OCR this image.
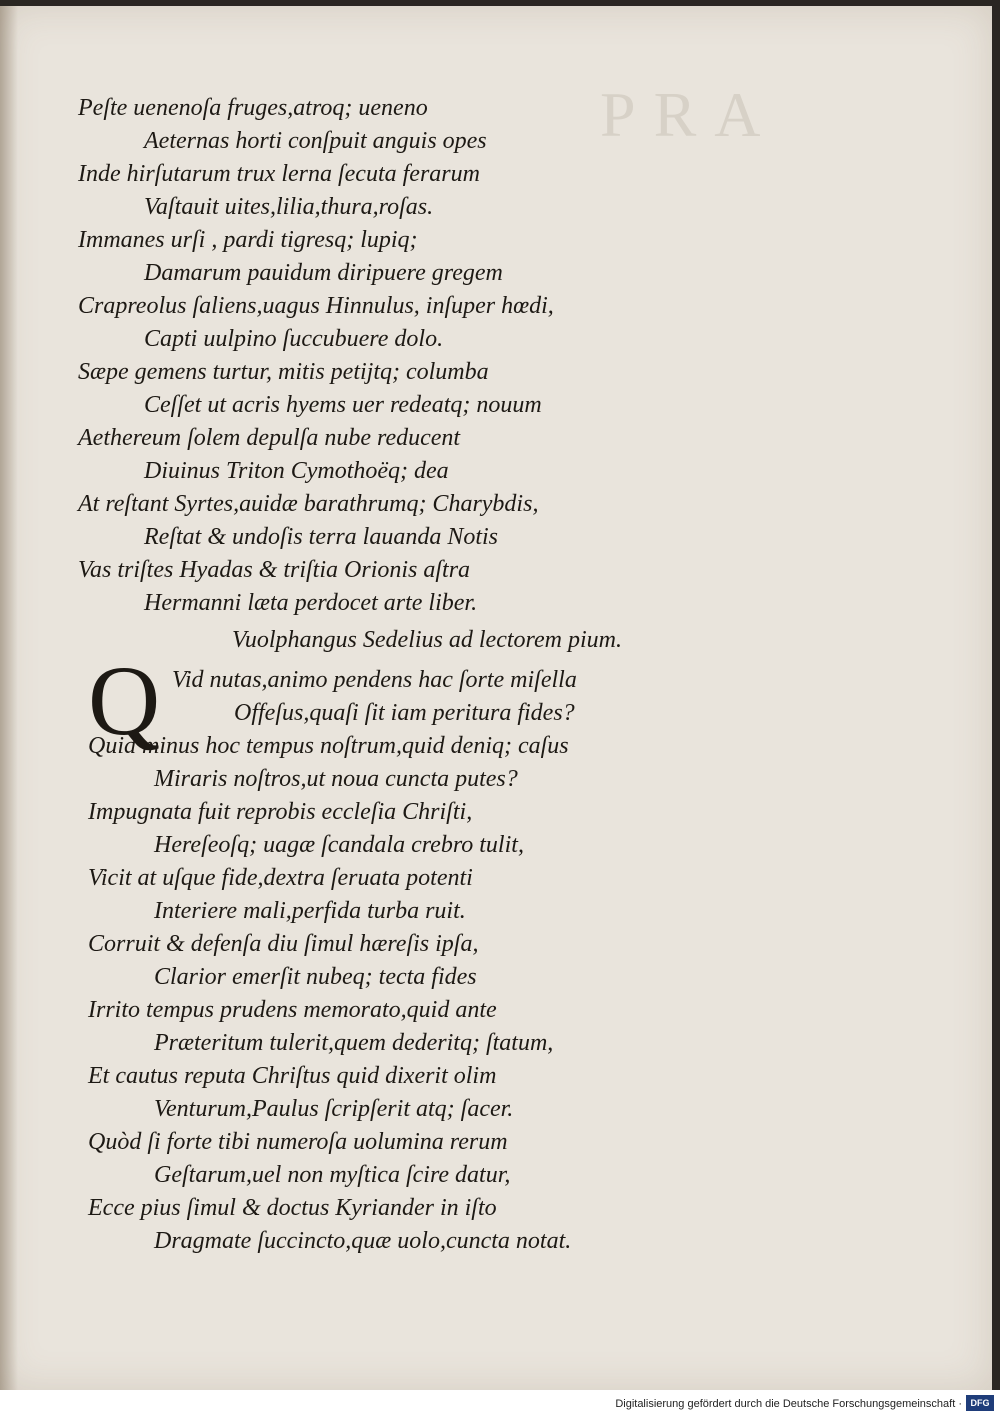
PRA
Peſte uenenoſa fruges,atroq; ueneno
Aeternas horti conſpuit anguis opes
Inde hirſutarum trux lerna ſecuta ferarum
Vaſtauit uites,lilia,thura,roſas.
Immanes urſi , pardi tigresq; lupiq;
Damarum pauidum diripuere gregem
Crapreolus ſaliens,uagus Hinnulus, inſuper hœdi,
Capti uulpino ſuccubuere dolo.
Sæpe gemens turtur, mitis petijtq; columba
Ceſſet ut acris hyems uer redeatq; nouum
Aethereum ſolem depulſa nube reducent
Diuinus Triton Cymothoëq; dea
At reſtant Syrtes,auidæ barathrumq; Charybdis,
Reſtat & undoſis terra lauanda Notis
Vas triſtes Hyadas & triſtia Orionis aſtra
Hermanni læta perdocet arte liber.
Vuolphangus Sedelius ad lectorem pium.
Q Vid nutas,animo pendens hac ſorte miſella
Offeſus,quaſi ſit iam peritura fides?
Quid minus hoc tempus noſtrum,quid deniq; caſus
Miraris noſtros,ut noua cuncta putes?
Impugnata fuit reprobis eccleſia Chriſti,
Hereſeoſq; uagæ ſcandala crebro tulit,
Vicit at uſque fide,dextra ſeruata potenti
Interiere mali,perfida turba ruit.
Corruit & defenſa diu ſimul hæreſis ipſa,
Clarior emerſit nubeq; tecta fides
Irrito tempus prudens memorato,quid ante
Præteritum tulerit,quem dederitq; ſtatum,
Et cautus reputa Chriſtus quid dixerit olim
Venturum,Paulus ſcripſerit atq; ſacer.
Quòd ſi forte tibi numeroſa uolumina rerum
Geſtarum,uel non myſtica ſcire datur,
Ecce pius ſimul & doctus Kyriander in iſto
Dragmate ſuccincto,quæ uolo,cuncta notat.
Digitalisierung gefördert durch die Deutsche Forschungsgemeinschaft · DFG
